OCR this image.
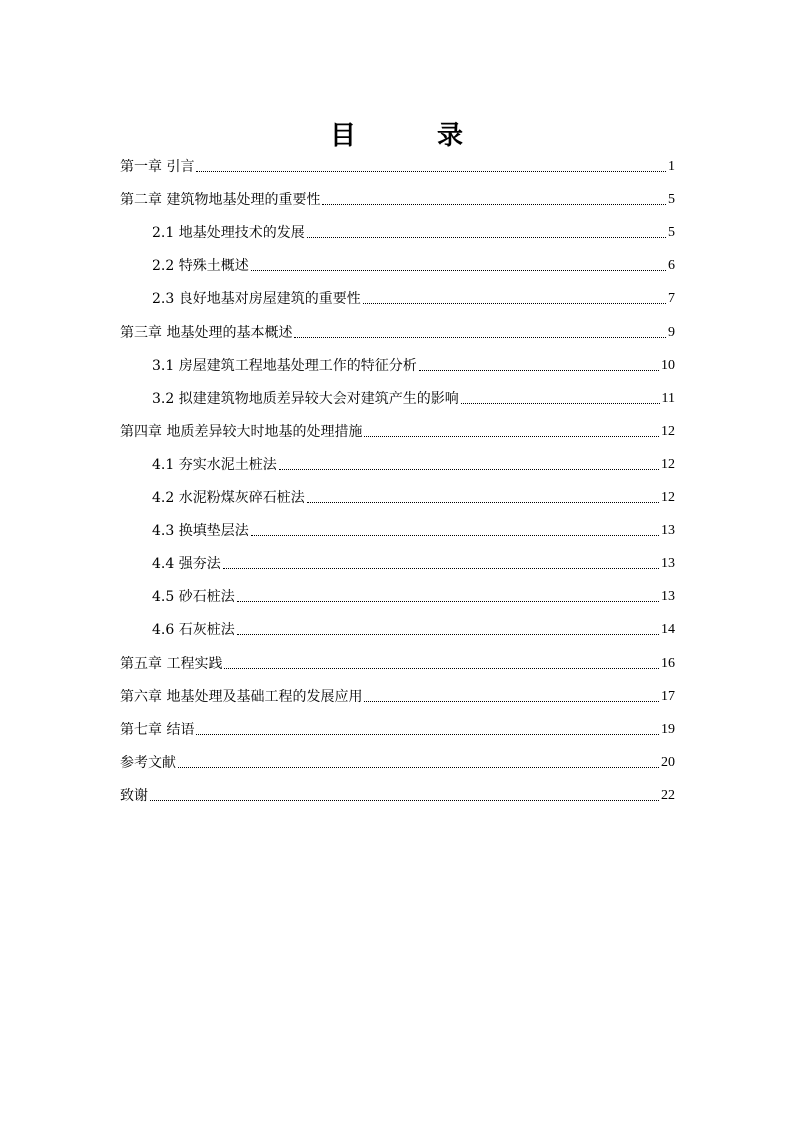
目 录
第一章 引言	1
第二章 建筑物地基处理的重要性	5
2.1 地基处理技术的发展	5
2.2 特殊土概述	6
2.3 良好地基对房屋建筑的重要性	7
第三章 地基处理的基本概述	9
3.1 房屋建筑工程地基处理工作的特征分析	10
3.2 拟建建筑物地质差异较大会对建筑产生的影响	11
第四章 地质差异较大时地基的处理措施	12
4.1 夯实水泥土桩法	12
4.2 水泥粉煤灰碎石桩法	12
4.3 换填垫层法	13
4.4 强夯法	13
4.5 砂石桩法	13
4.6 石灰桩法	14
第五章 工程实践	16
第六章 地基处理及基础工程的发展应用	17
第七章 结语	19
参考文献	20
致谢	22
